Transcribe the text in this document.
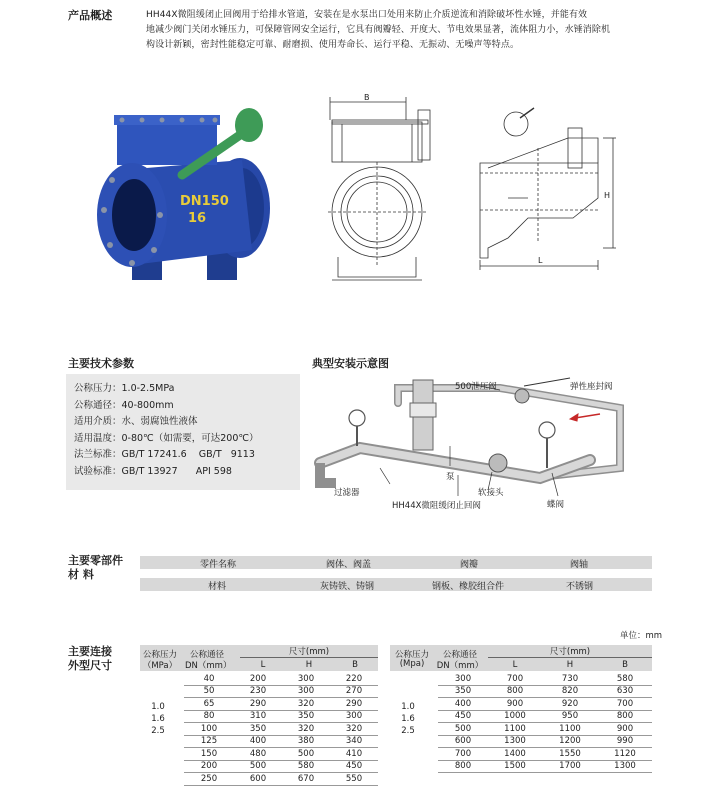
产品概述	HH44X微阻缓闭止回阀用于给排水管道，安装在是水泵出口处用来防止介质逆流和消除破坏性水锤，并能有效
地减少阀门关闭水锤压力，可保障管网安全运行，它具有阀瓣轻、开度大、节电效果显著，流体阻力小，水锤消除机
构设计新颖，密封性能稳定可靠、耐磨损、使用寿命长、运行平稳、无振动、无噪声等特点。
DN150
16
B
H
L
主要技术参数
公称压力：1.0-2.5MPa
公称通径：40-800mm
适用介质：水、弱腐蚀性液体
适用温度：0-80℃（如需要，可达200℃）
法兰标准：GB/T 17241.6    GB/T   9113
试验标准：GB/T 13927      API 598
典型安装示意图
500泄压阀	弹性座封阀
过滤器
泵
软接头
HH44X微阻缓闭止回阀	蝶阀
主要零部件
材 料
零件名称	阀体、阀盖	阀瓣	阀轴
材料	灰铸铁、铸钢	钢板、橡胶组合件	不锈钢
单位：mm
主要连接
外型尺寸
公称压力
（MPa）
公称通径
DN（mm）
尺寸(mm)
L	H	B
1.0
1.6
2.5
40	200	300	220
50	230	300	270
65	290	320	290
80	310	350	300
100	350	320	320
125	400	380	340
150	480	500	410
200	500	580	450
250	600	670	550
公称压力
(Mpa)
公称通径
DN（mm）
尺寸(mm)
L	H	B
1.0
1.6
2.5
300	700	730	580
350	800	820	630
400	900	920	700
450	1000	950	800
500	1100	1100	900
600	1300	1200	990
700	1400	1550	1120
800	1500	1700	1300
